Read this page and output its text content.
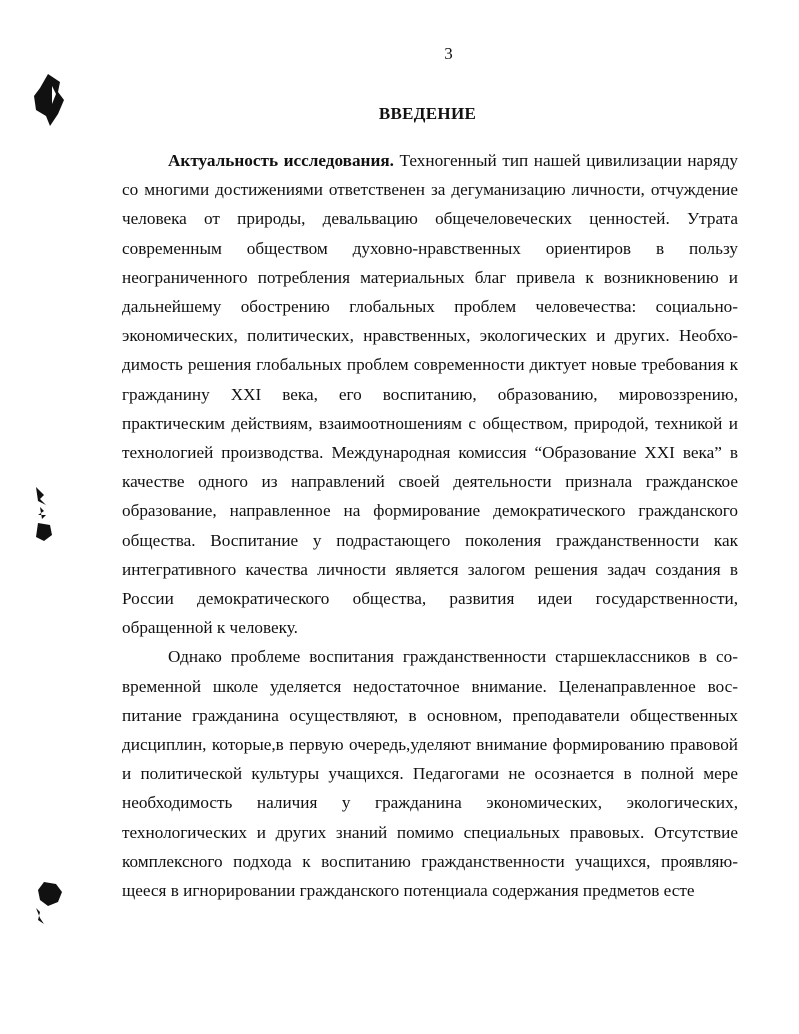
3
ВВЕДЕНИЕ

Актуальность исследования. Техногенный тип нашей цивилизации наряду со многими достижениями ответственен за дегуманизацию личности, отчуждение человека от природы, девальвацию общечеловеческих ценностей. Утрата современным обществом духовно-нравственных ориентиров в пользу неограниченного потребления материальных благ привела к возникновению и дальнейшему обострению глобальных проблем человечества: социальноэкономических, политических, нравственных, экологических и других. Необходимость решения глобальных проблем современности диктует новые требования к гражданину XXI века, его воспитанию, образованию, мировоззрению, практическим действиям, взаимоотношениям с обществом, природой, техникой и технологией производства. Международная комиссия “Образование XXI века” в качестве одного из направлений своей деятельности признала гражданское образование, направленное на формирование демократического гражданского общества. Воспитание у подрастающего поколения гражданственности как интегративного качества личности является залогом решения задач создания в России демократического общества, развития идеи государственности, обращенной к человеку.

Однако проблеме воспитания гражданственности старшеклассников в современной школе уделяется недостаточное внимание. Целенаправленное воспитание гражданина осуществляют, в основном, преподаватели общественных дисциплин, которые,в первую очередь,уделяют внимание формированию правовой и политической культуры учащихся. Педагогами не осознается в полной мере необходимость наличия у гражданина экономических, экологических, технологических и других знаний помимо специальных правовых. Отсутствие комплексного подхода к воспитанию гражданственности учащихся, проявляющееся в игнорировании гражданского потенциала содержания предметов есте
